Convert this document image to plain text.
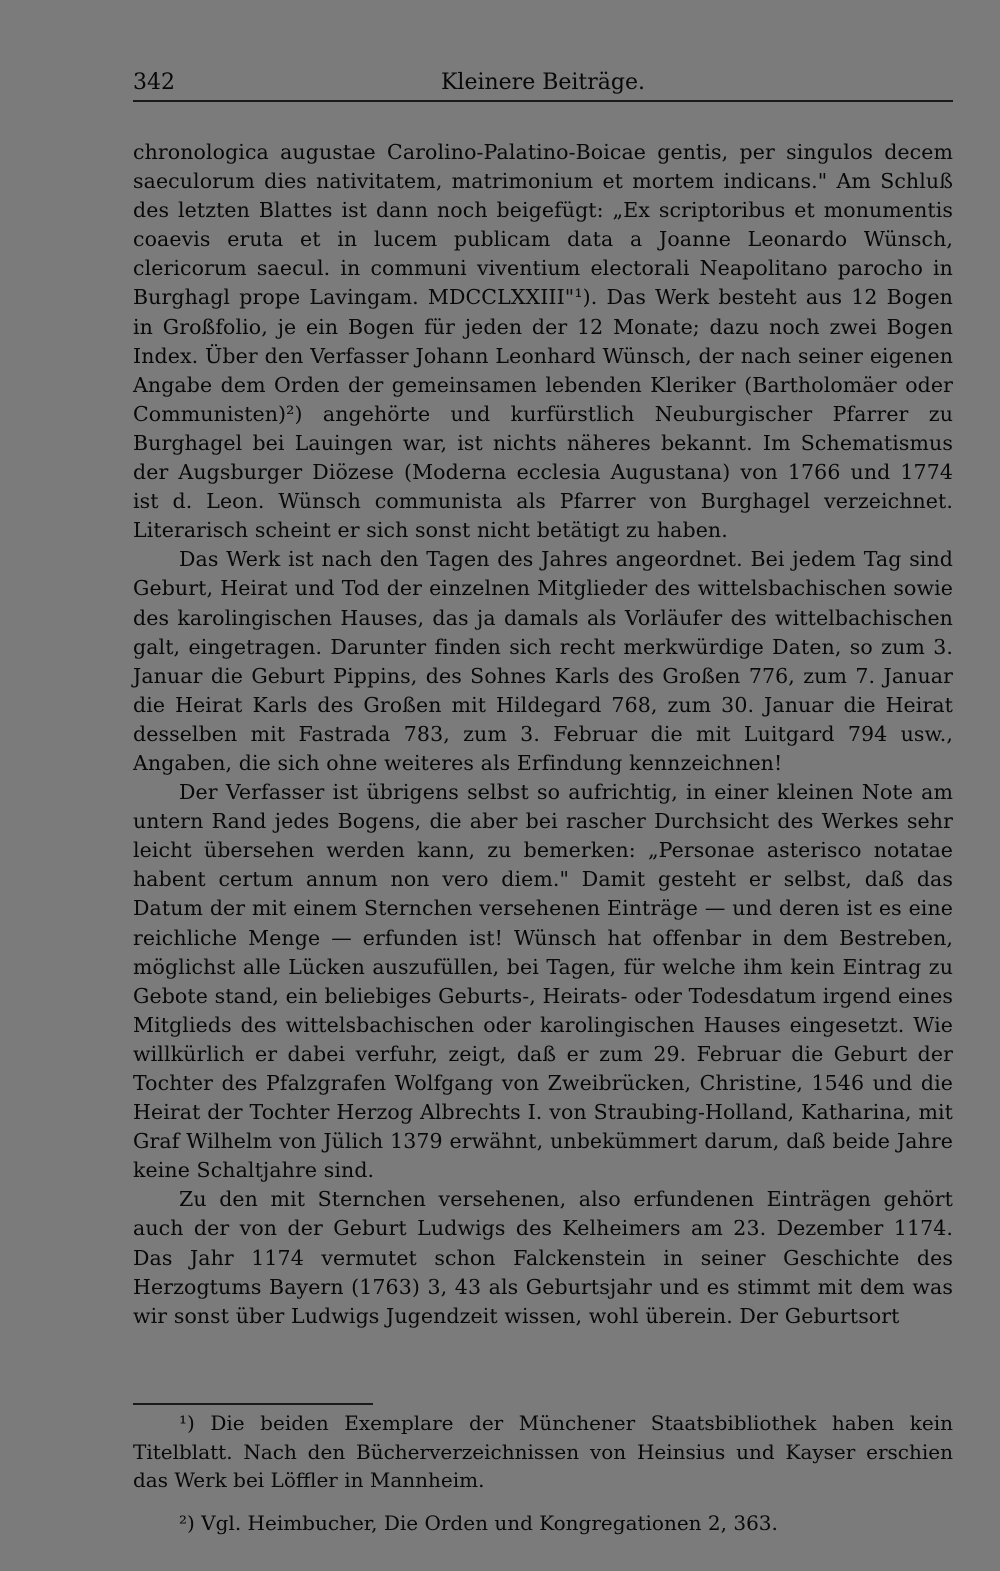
342	Kleinere Beiträge.

chronologica augustae Carolino-Palatino-Boicae gentis, per singulos decem saeculorum dies nativitatem, matrimonium et mortem indicans." Am Schluß des letzten Blattes ist dann noch beigefügt: „Ex scriptoribus et monumentis coaevis eruta et in lucem publicam data a Joanne Leonardo Wünsch, clericorum saecul. in communi viventium electorali Neapolitano parocho in Burghagl prope Lavingam. MDCCLXXIII"¹). Das Werk besteht aus 12 Bogen in Großfolio, je ein Bogen für jeden der 12 Monate; dazu noch zwei Bogen Index. Über den Verfasser Johann Leonhard Wünsch, der nach seiner eigenen Angabe dem Orden der gemeinsamen lebenden Kleriker (Bartholomäer oder Communisten)²) angehörte und kurfürstlich Neuburgischer Pfarrer zu Burghagel bei Lauingen war, ist nichts näheres bekannt. Im Schematismus der Augsburger Diözese (Moderna ecclesia Augustana) von 1766 und 1774 ist d. Leon. Wünsch communista als Pfarrer von Burghagel verzeichnet. Literarisch scheint er sich sonst nicht betätigt zu haben.

Das Werk ist nach den Tagen des Jahres angeordnet. Bei jedem Tag sind Geburt, Heirat und Tod der einzelnen Mitglieder des wittelsbachischen sowie des karolingischen Hauses, das ja damals als Vorläufer des wittelbachischen galt, eingetragen. Darunter finden sich recht merkwürdige Daten, so zum 3. Januar die Geburt Pippins, des Sohnes Karls des Großen 776, zum 7. Januar die Heirat Karls des Großen mit Hildegard 768, zum 30. Januar die Heirat desselben mit Fastrada 783, zum 3. Februar die mit Luitgard 794 usw., Angaben, die sich ohne weiteres als Erfindung kennzeichnen!

Der Verfasser ist übrigens selbst so aufrichtig, in einer kleinen Note am untern Rand jedes Bogens, die aber bei rascher Durchsicht des Werkes sehr leicht übersehen werden kann, zu bemerken: „Personae asterisco notatae habent certum annum non vero diem." Damit gesteht er selbst, daß das Datum der mit einem Sternchen versehenen Einträge — und deren ist es eine reichliche Menge — erfunden ist! Wünsch hat offenbar in dem Bestreben, möglichst alle Lücken auszufüllen, bei Tagen, für welche ihm kein Eintrag zu Gebote stand, ein beliebiges Geburts-, Heirats- oder Todesdatum irgend eines Mitglieds des wittelsbachischen oder karolingischen Hauses eingesetzt. Wie willkürlich er dabei verfuhr, zeigt, daß er zum 29. Februar die Geburt der Tochter des Pfalzgrafen Wolfgang von Zweibrücken, Christine, 1546 und die Heirat der Tochter Herzog Albrechts I. von Straubing-Holland, Katharina, mit Graf Wilhelm von Jülich 1379 erwähnt, unbekümmert darum, daß beide Jahre keine Schaltjahre sind.

Zu den mit Sternchen versehenen, also erfundenen Einträgen gehört auch der von der Geburt Ludwigs des Kelheimers am 23. Dezember 1174. Das Jahr 1174 vermutet schon Falckenstein in seiner Geschichte des Herzogtums Bayern (1763) 3, 43 als Geburtsjahr und es stimmt mit dem was wir sonst über Ludwigs Jugendzeit wissen, wohl überein. Der Geburtsort

¹) Die beiden Exemplare der Münchener Staatsbibliothek haben kein Titelblatt. Nach den Bücherverzeichnissen von Heinsius und Kayser erschien das Werk bei Löffler in Mannheim.

²) Vgl. Heimbucher, Die Orden und Kongregationen 2, 363.
